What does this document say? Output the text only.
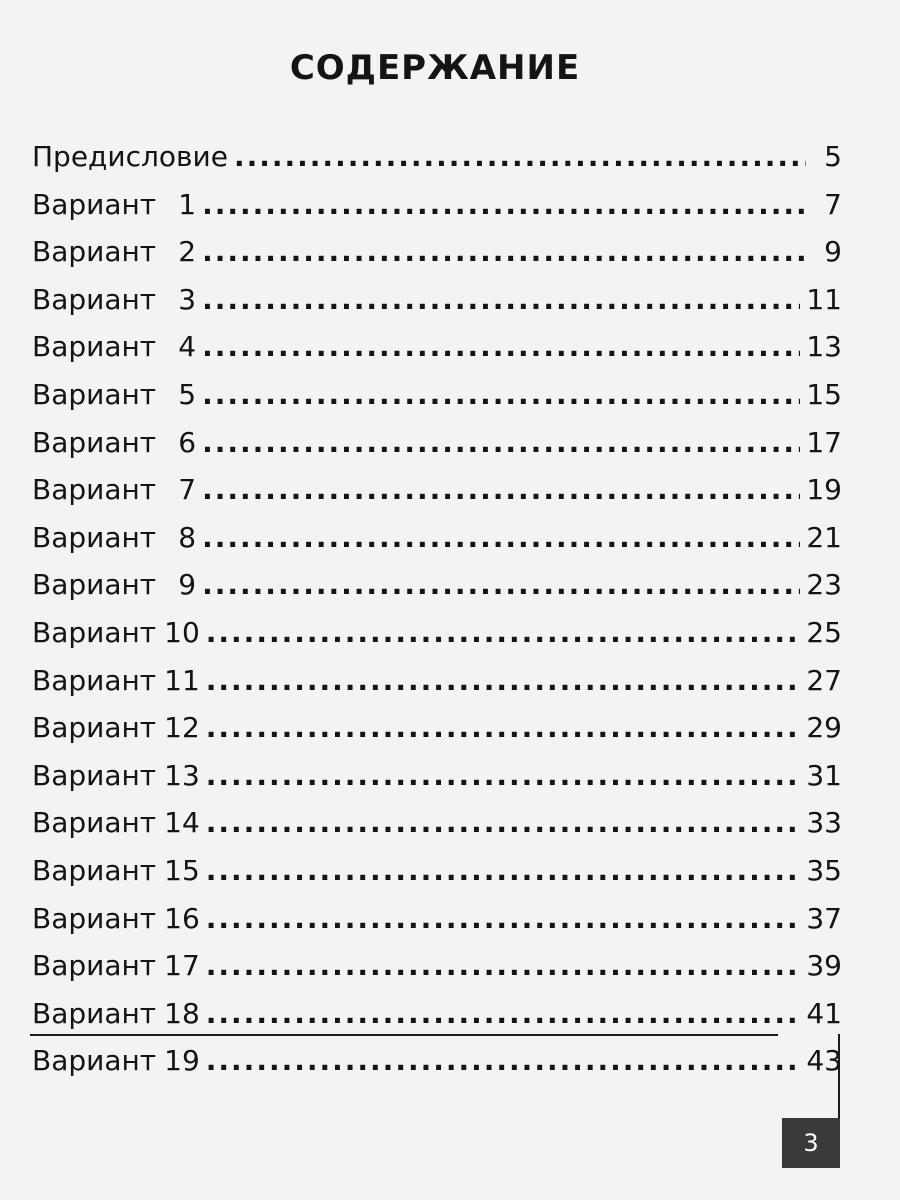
СОДЕРЖАНИЕ
Предисловие .....	5
Вариант 1 .....	7
Вариант 2 .....	9
Вариант 3 .....	11
Вариант 4 .....	13
Вариант 5 .....	15
Вариант 6 .....	17
Вариант 7 .....	19
Вариант 8 .....	21
Вариант 9 .....	23
Вариант 10 .....	25
Вариант 11 .....	27
Вариант 12 .....	29
Вариант 13 .....	31
Вариант 14 .....	33
Вариант 15 .....	35
Вариант 16 .....	37
Вариант 17 .....	39
Вариант 18 .....	41
Вариант 19 .....	43
3
